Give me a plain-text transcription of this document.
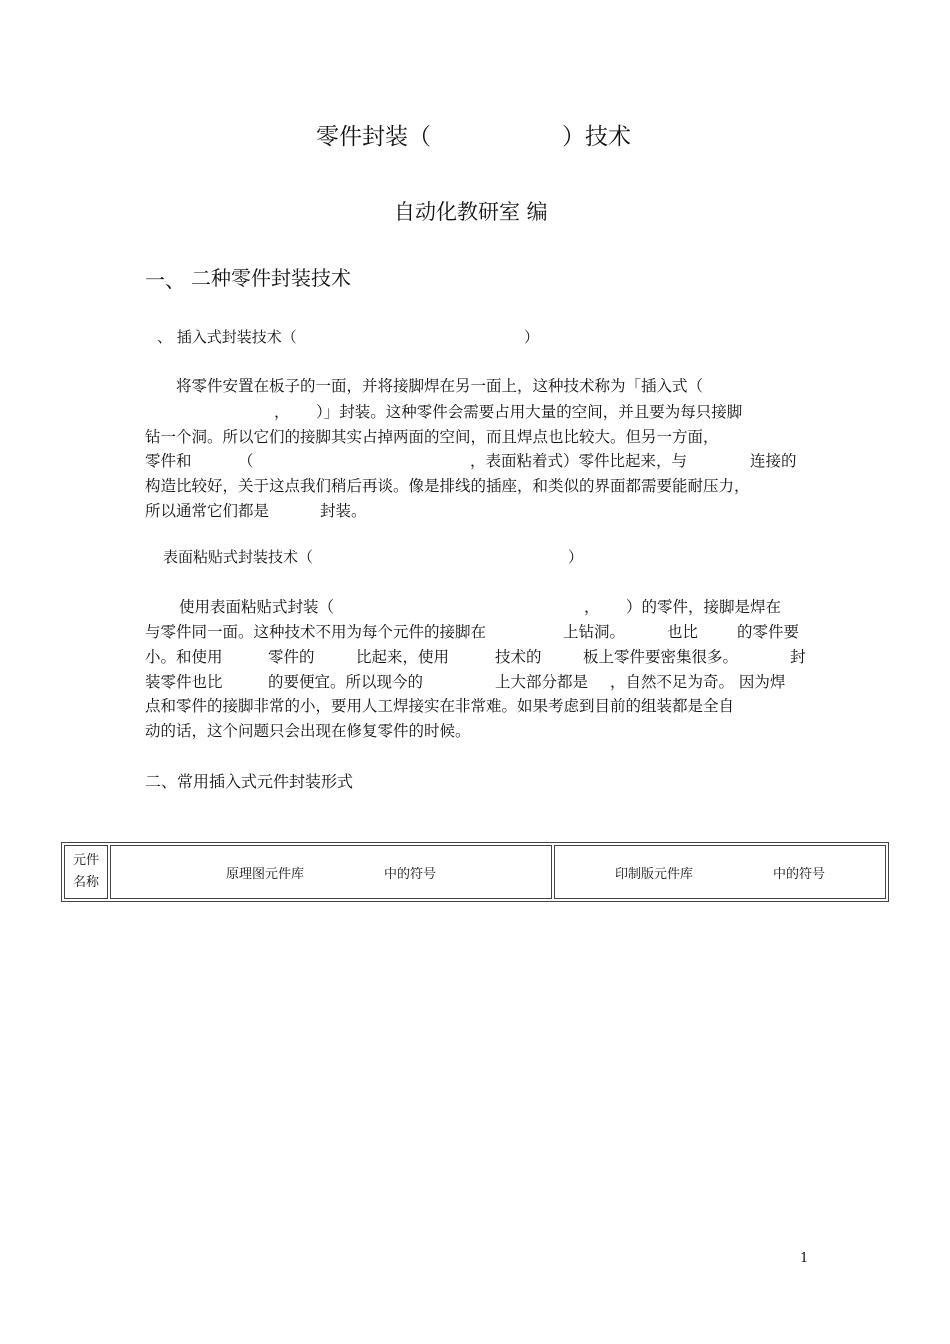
零件封装（	）技术
自动化教研室 编
一、 二种零件封装技术
、 插入式封装技术（	）
将零件安置在板子的一面，并将接脚焊在另一面上，这种技术称为「插入式（
， ）」封装。这种零件会需要占用大量的空间，并且要为每只接脚
钻一个洞。所以它们的接脚其实占掉两面的空间，而且焊点也比较大。但另一方面，
零件和	（	，表面粘着式）零件比起来，与	连接的
构造比较好，关于这点我们稍后再谈。像是排线的插座，和类似的界面都需要能耐压力，
所以通常它们都是	封装。
表面粘贴式封装技术（	）
使用表面粘贴式封装（	， ）的零件，接脚是焊在
与零件同一面。这种技术不用为每个元件的接脚在	上钻洞。	也比	的零件要
小。和使用	零件的	比起来，使用	技术的	板上零件要密集很多。	封
装零件也比	的要便宜。所以现今的	上大部分都是 ，自然不足为奇。 因为焊
点和零件的接脚非常的小，要用人工焊接实在非常难。如果考虑到目前的组装都是全自
动的话，这个问题只会出现在修复零件的时候。
二、常用插入式元件封装形式
元件
名称
	原理图元件库	中的符号	印制版元件库	中的符号
1
